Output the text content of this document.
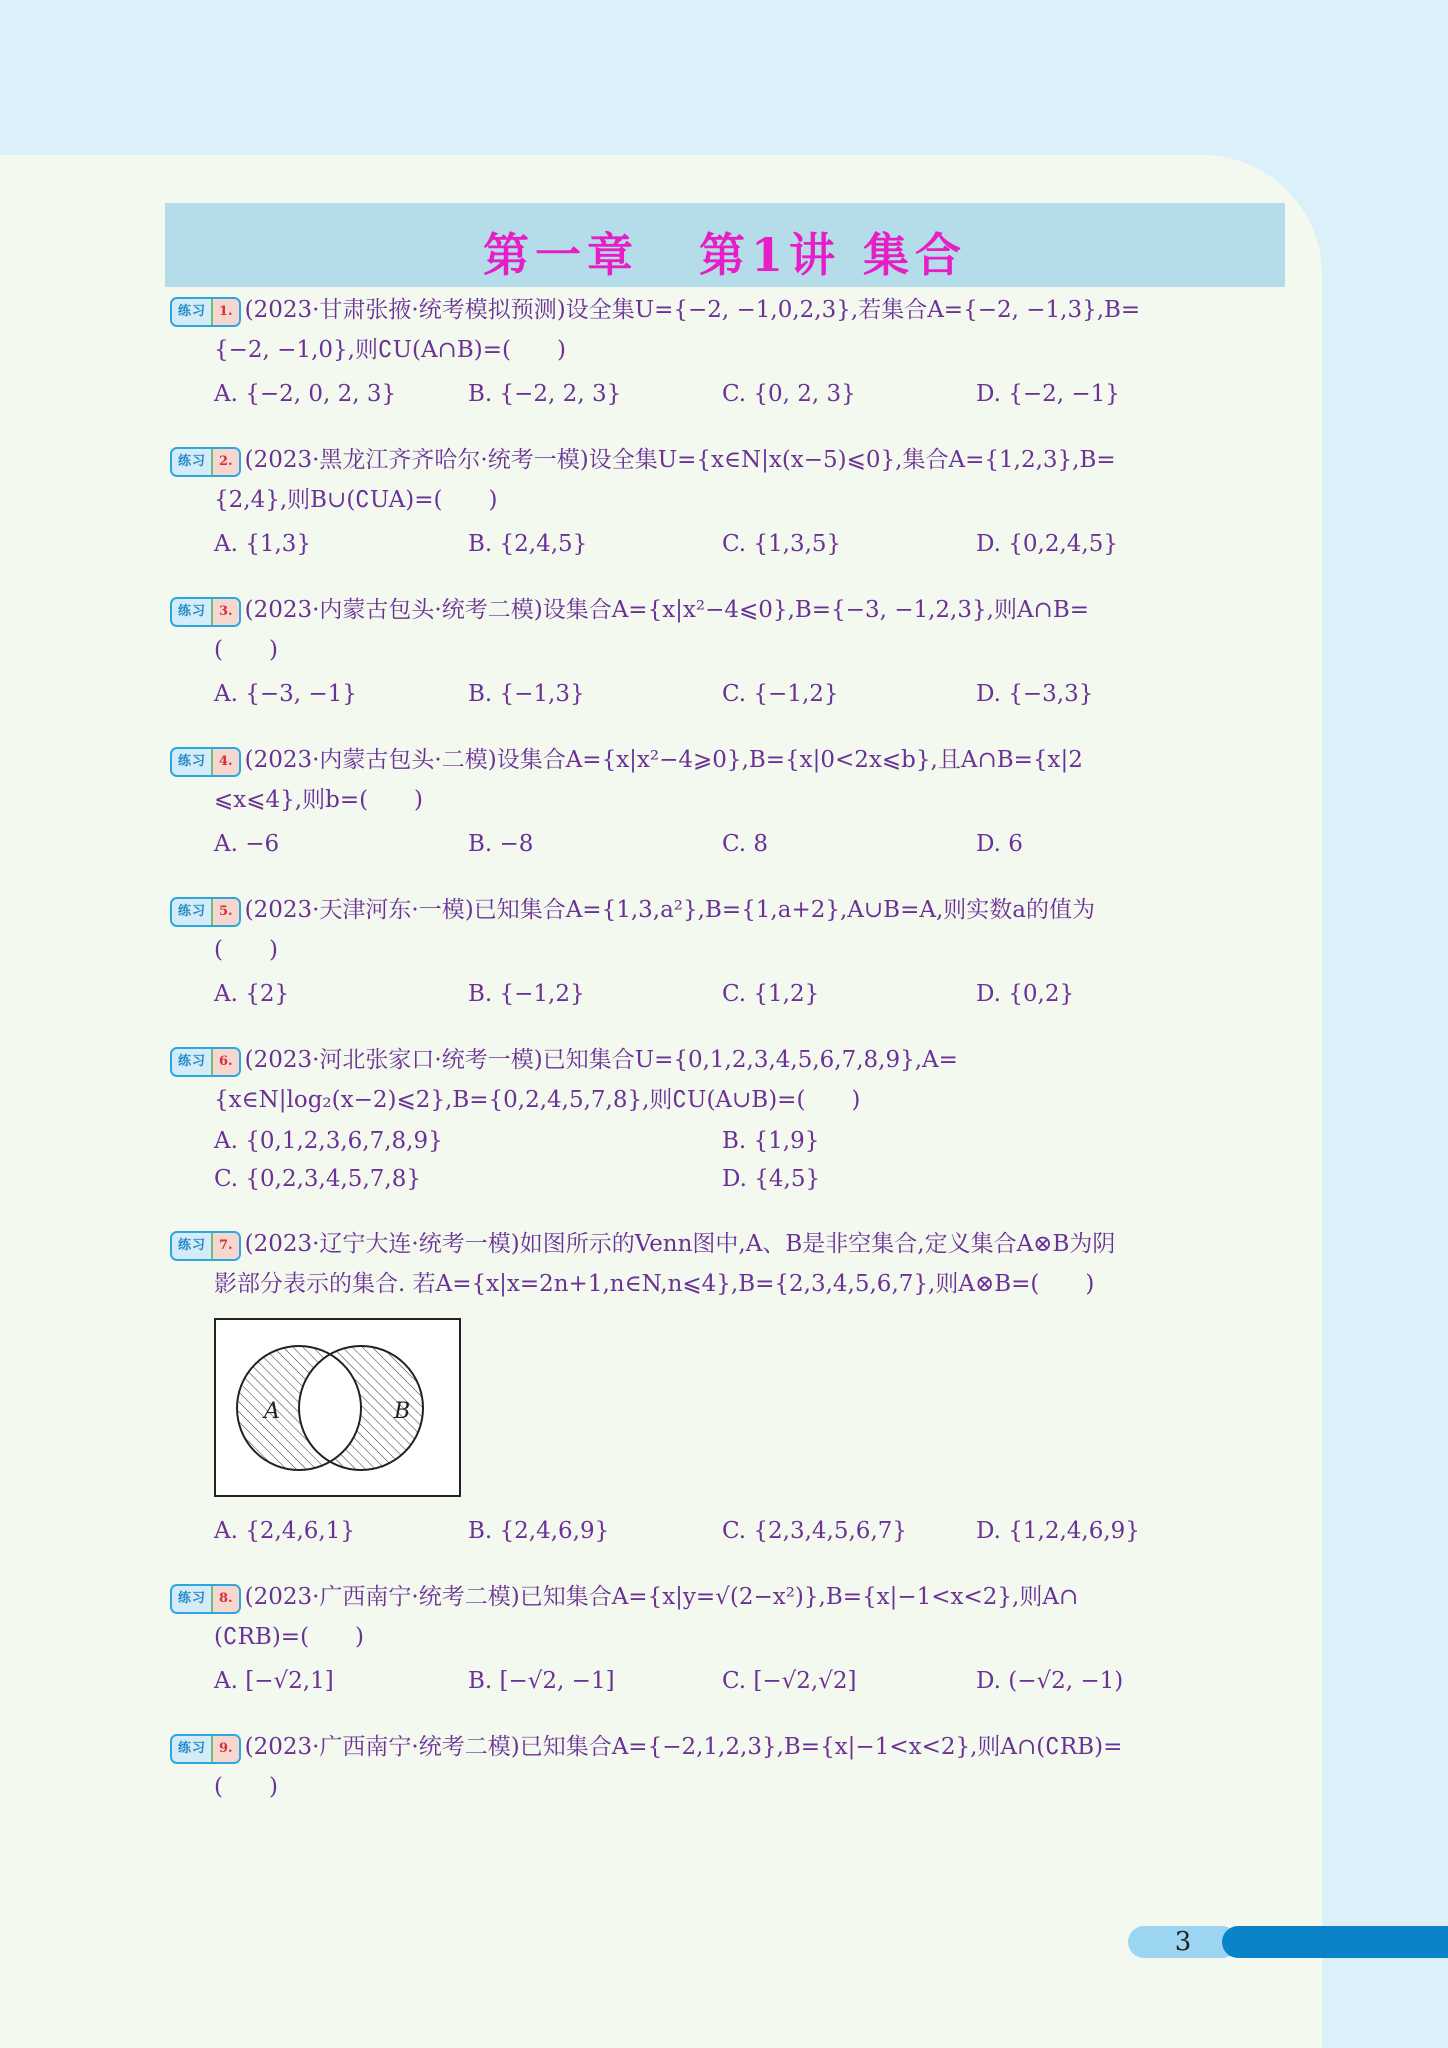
第一章 第1讲 集合
练习	1. (2023·甘肃张掖·统考模拟预测)设全集U={−2, −1,0,2,3},若集合A={−2, −1,3},B=
{−2, −1,0},则∁U(A∩B)=(　　)
A. {−2, 0, 2, 3}	B. {−2, 2, 3}	C. {0, 2, 3}	D. {−2, −1}
练习	2. (2023·黑龙江齐齐哈尔·统考一模)设全集U={x∈N|x(x−5)⩽0},集合A={1,2,3},B=
{2,4},则B∪(∁UA)=(　　)
A. {1,3}	B. {2,4,5}	C. {1,3,5}	D. {0,2,4,5}
练习	3. (2023·内蒙古包头·统考二模)设集合A={x|x²−4⩽0},B={−3, −1,2,3},则A∩B=
(　　)
A. {−3, −1}	B. {−1,3}	C. {−1,2}	D. {−3,3}
练习	4. (2023·内蒙古包头·二模)设集合A={x|x²−4⩾0},B={x|0<2x⩽b},且A∩B={x|2
⩽x⩽4},则b=(　　)
A. −6	B. −8	C. 8	D. 6
练习	5. (2023·天津河东·一模)已知集合A={1,3,a²},B={1,a+2},A∪B=A,则实数a的值为
(　　)
A. {2}	B. {−1,2}	C. {1,2}	D. {0,2}
练习	6. (2023·河北张家口·统考一模)已知集合U={0,1,2,3,4,5,6,7,8,9},A=
{x∈N|log₂(x−2)⩽2},B={0,2,4,5,7,8},则∁U(A∪B)=(　　)
A. {0,1,2,3,6,7,8,9}	B. {1,9}
C. {0,2,3,4,5,7,8}	D. {4,5}
练习	7. (2023·辽宁大连·统考一模)如图所示的Venn图中,A、B是非空集合,定义集合A⊗B为阴
影部分表示的集合. 若A={x|x=2n+1,n∈N,n⩽4},B={2,3,4,5,6,7},则A⊗B=(　　)
A	B
A. {2,4,6,1}	B. {2,4,6,9}	C. {2,3,4,5,6,7}	D. {1,2,4,6,9}
练习	8. (2023·广西南宁·统考二模)已知集合A={x|y=√(2−x²)},B={x|−1<x<2},则A∩
(∁RB)=(　　)
A. [−√2,1]	B. [−√2, −1]	C. [−√2,√2]	D. (−√2, −1)
练习	9. (2023·广西南宁·统考二模)已知集合A={−2,1,2,3},B={x|−1<x<2},则A∩(∁RB)=
(　　)
3
